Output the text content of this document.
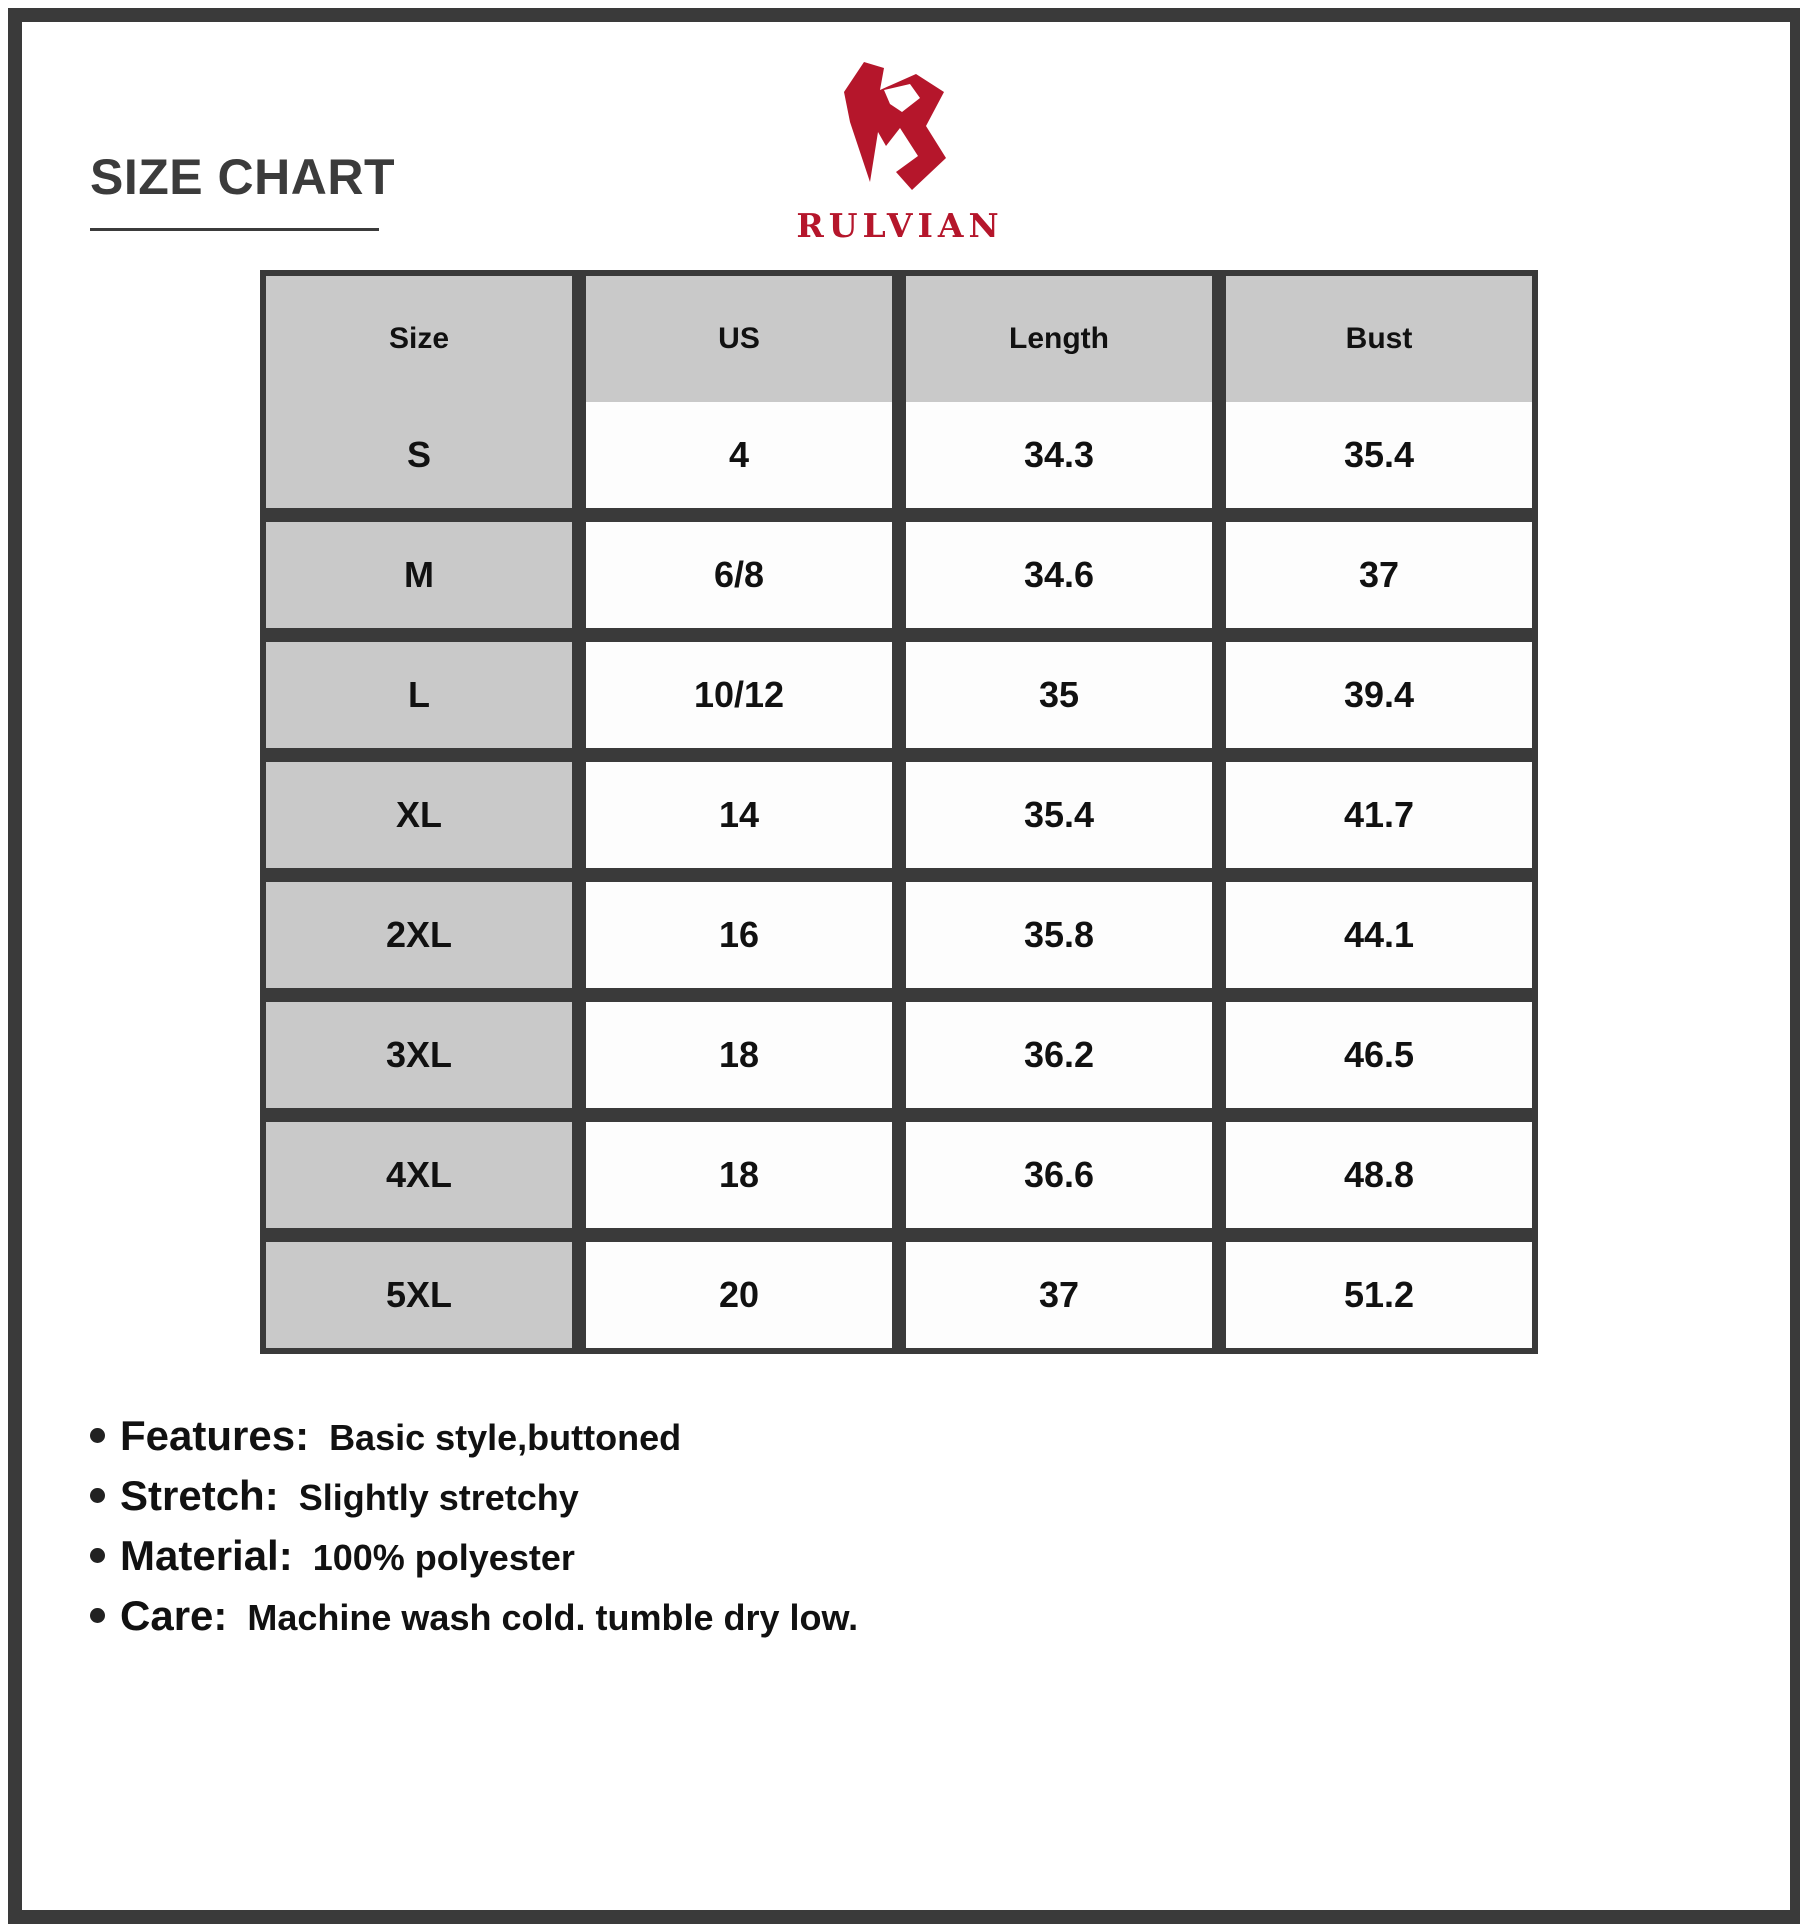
SIZE CHART
RULVIAN
Size	US	Length	Bust
S	4	34.3	35.4
M	6/8	34.6	37
L	10/12	35	39.4
XL	14	35.4	41.7
2XL	16	35.8	44.1
3XL	18	36.2	46.5
4XL	18	36.6	48.8
5XL	20	37	51.2
Features: Basic style,buttoned
Stretch: Slightly stretchy
Material: 100% polyester
Care: Machine wash cold. tumble dry low.
